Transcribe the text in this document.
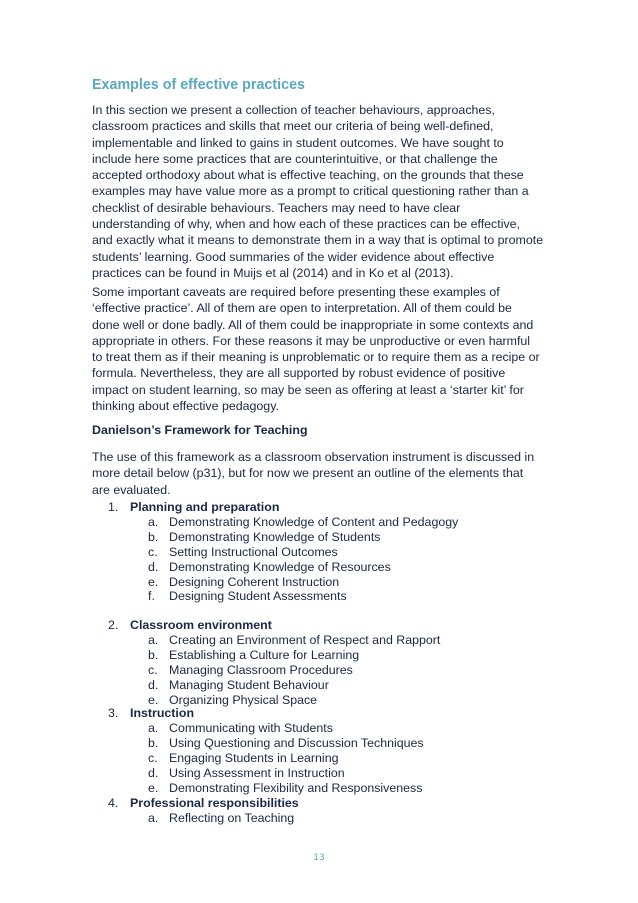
Examples of effective practices

In this section we present a collection of teacher behaviours, approaches,
classroom practices and skills that meet our criteria of being well-defined,
implementable and linked to gains in student outcomes. We have sought to
include here some practices that are counterintuitive, or that challenge the
accepted orthodoxy about what is effective teaching, on the grounds that these
examples may have value more as a prompt to critical questioning rather than a
checklist of desirable behaviours. Teachers may need to have clear
understanding of why, when and how each of these practices can be effective,
and exactly what it means to demonstrate them in a way that is optimal to promote
students’ learning. Good summaries of the wider evidence about effective
practices can be found in Muijs et al (2014) and in Ko et al (2013).

Some important caveats are required before presenting these examples of
‘effective practice’. All of them are open to interpretation. All of them could be
done well or done badly. All of them could be inappropriate in some contexts and
appropriate in others. For these reasons it may be unproductive or even harmful
to treat them as if their meaning is unproblematic or to require them as a recipe or
formula. Nevertheless, they are all supported by robust evidence of positive
impact on student learning, so may be seen as offering at least a ‘starter kit’ for
thinking about effective pedagogy.

Danielson’s Framework for Teaching

The use of this framework as a classroom observation instrument is discussed in
more detail below (p31), but for now we present an outline of the elements that
are evaluated.

1. Planning and preparation
a. Demonstrating Knowledge of Content and Pedagogy
b. Demonstrating Knowledge of Students
c. Setting Instructional Outcomes
d. Demonstrating Knowledge of Resources
e. Designing Coherent Instruction
f. Designing Student Assessments
2. Classroom environment
a. Creating an Environment of Respect and Rapport
b. Establishing a Culture for Learning
c. Managing Classroom Procedures
d. Managing Student Behaviour
e. Organizing Physical Space
3. Instruction
a. Communicating with Students
b. Using Questioning and Discussion Techniques
c. Engaging Students in Learning
d. Using Assessment in Instruction
e. Demonstrating Flexibility and Responsiveness
4. Professional responsibilities
a. Reflecting on Teaching
13
